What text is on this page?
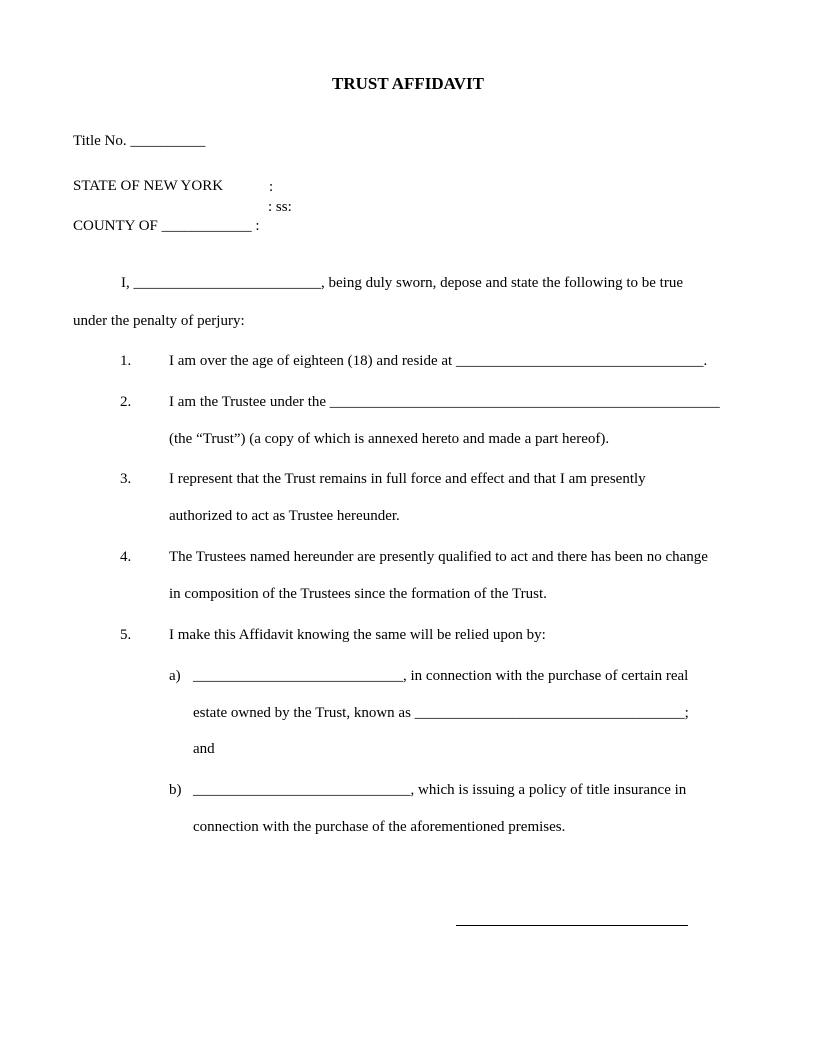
TRUST AFFIDAVIT
Title No. __________
STATE OF NEW YORK	:
: ss:
COUNTY OF ____________ :
I, _________________________, being duly sworn, depose and state the following to be true
under the penalty of perjury:
1.	I am over the age of eighteen (18) and reside at _________________________________.
2.	I am the Trustee under the ____________________________________________________
(the “Trust”) (a copy of which is annexed hereto and made a part hereof).
3.	I represent that the Trust remains in full force and effect and that I am presently
authorized to act as Trustee hereunder.
4.	The Trustees named hereunder are presently qualified to act and there has been no change
in composition of the Trustees since the formation of the Trust.
5.	I make this Affidavit knowing the same will be relied upon by:
a) ____________________________, in connection with the purchase of certain real
estate owned by the Trust, known as ____________________________________;
and
b) _____________________________, which is issuing a policy of title insurance in
connection with the purchase of the aforementioned premises.
